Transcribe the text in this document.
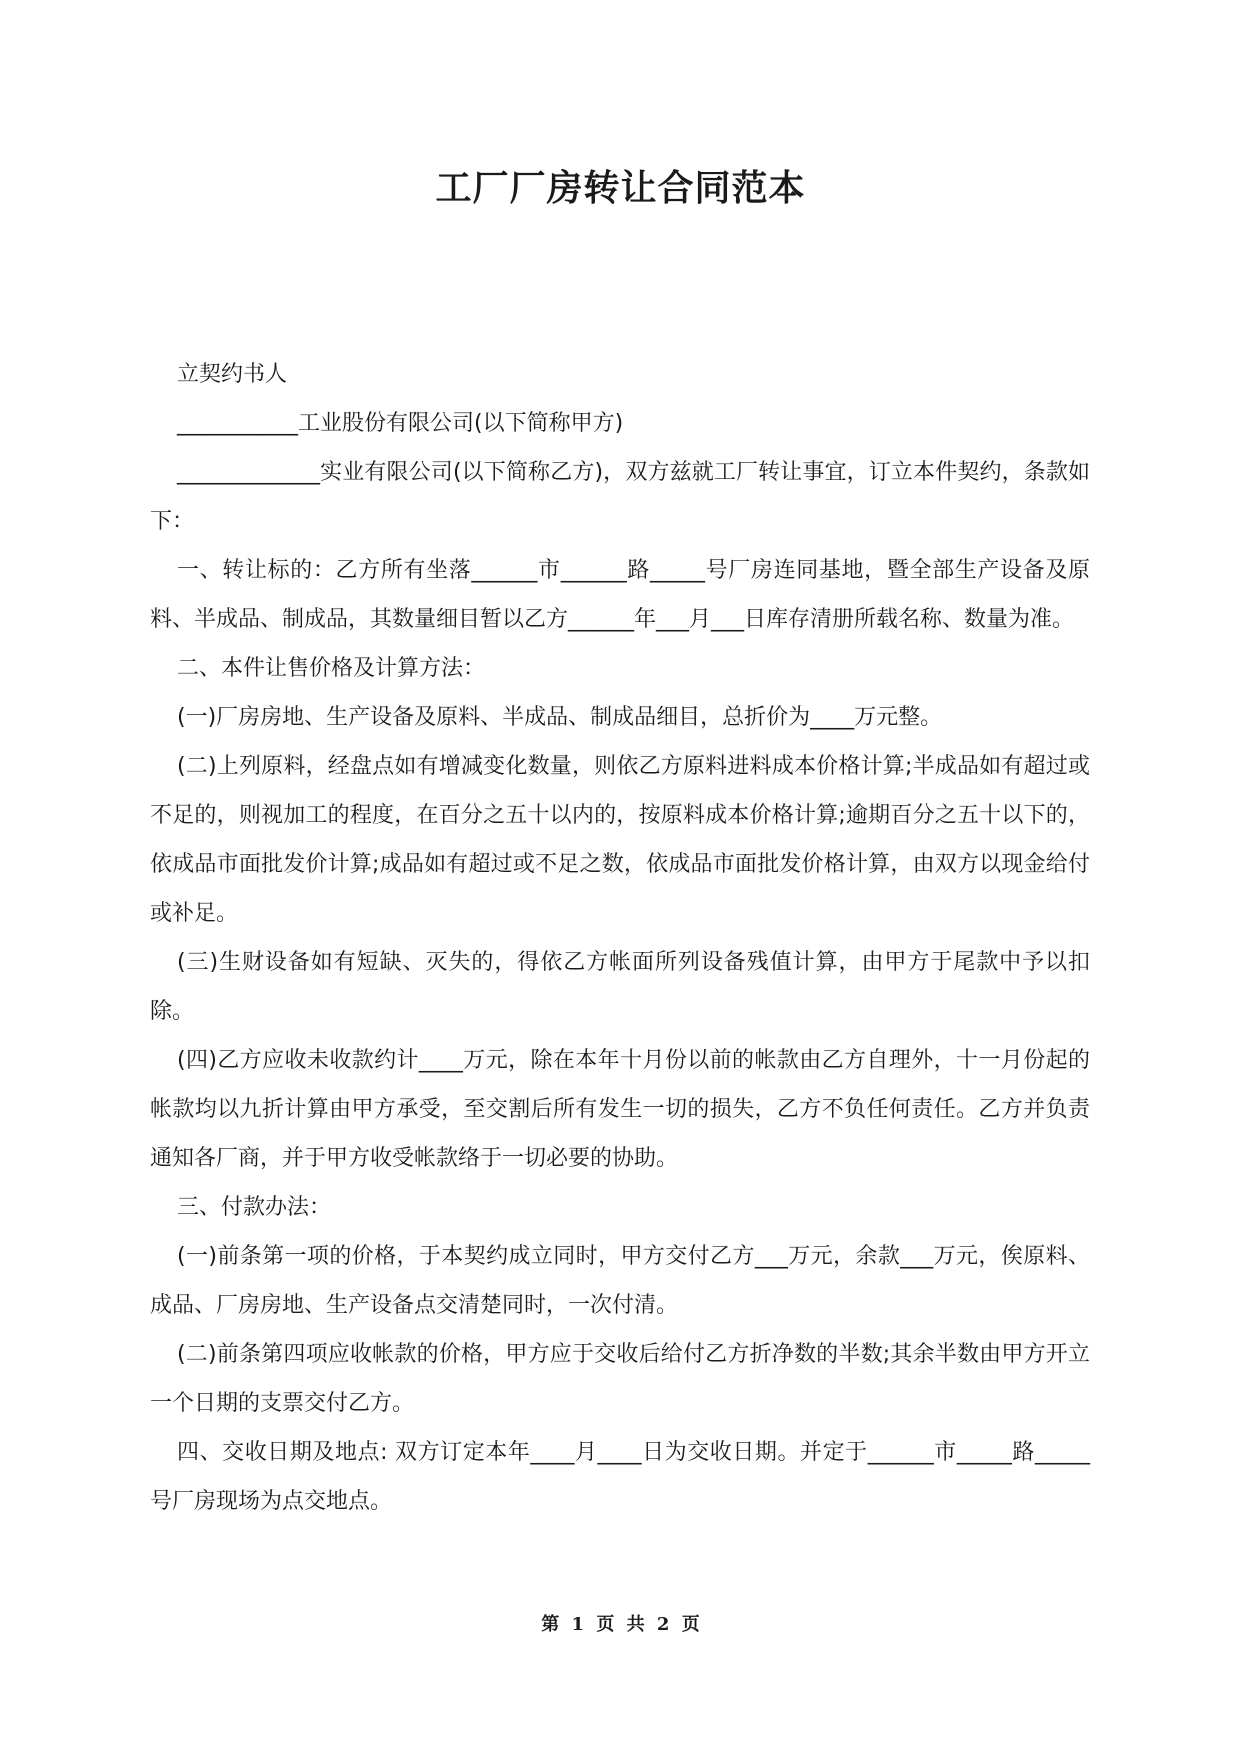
工厂厂房转让合同范本

立契约书人

___________工业股份有限公司(以下简称甲方)

_____________实业有限公司(以下简称乙方)，双方兹就工厂转让事宜，订立本件契约，条款如下：

一、转让标的：乙方所有坐落______市______路_____号厂房连同基地，暨全部生产设备及原料、半成品、制成品，其数量细目暂以乙方______年___月___日库存清册所载名称、数量为准。

二、本件让售价格及计算方法：

(一)厂房房地、生产设备及原料、半成品、制成品细目，总折价为____万元整。

(二)上列原料，经盘点如有增减变化数量，则依乙方原料进料成本价格计算;半成品如有超过或不足的，则视加工的程度，在百分之五十以内的，按原料成本价格计算;逾期百分之五十以下的，依成品市面批发价计算;成品如有超过或不足之数，依成品市面批发价格计算，由双方以现金给付或补足。

(三)生财设备如有短缺、灭失的，得依乙方帐面所列设备残值计算，由甲方于尾款中予以扣除。

(四)乙方应收未收款约计____万元，除在本年十月份以前的帐款由乙方自理外，十一月份起的帐款均以九折计算由甲方承受，至交割后所有发生一切的损失，乙方不负任何责任。乙方并负责通知各厂商，并于甲方收受帐款络于一切必要的协助。

三、付款办法：

(一)前条第一项的价格，于本契约成立同时，甲方交付乙方___万元，余款___万元，俟原料、成品、厂房房地、生产设备点交清楚同时，一次付清。

(二)前条第四项应收帐款的价格，甲方应于交收后给付乙方折净数的半数;其余半数由甲方开立一个日期的支票交付乙方。

四、交收日期及地点: 双方订定本年____月____日为交收日期。并定于______市_____路_____号厂房现场为点交地点。

第 1 页 共 2 页
